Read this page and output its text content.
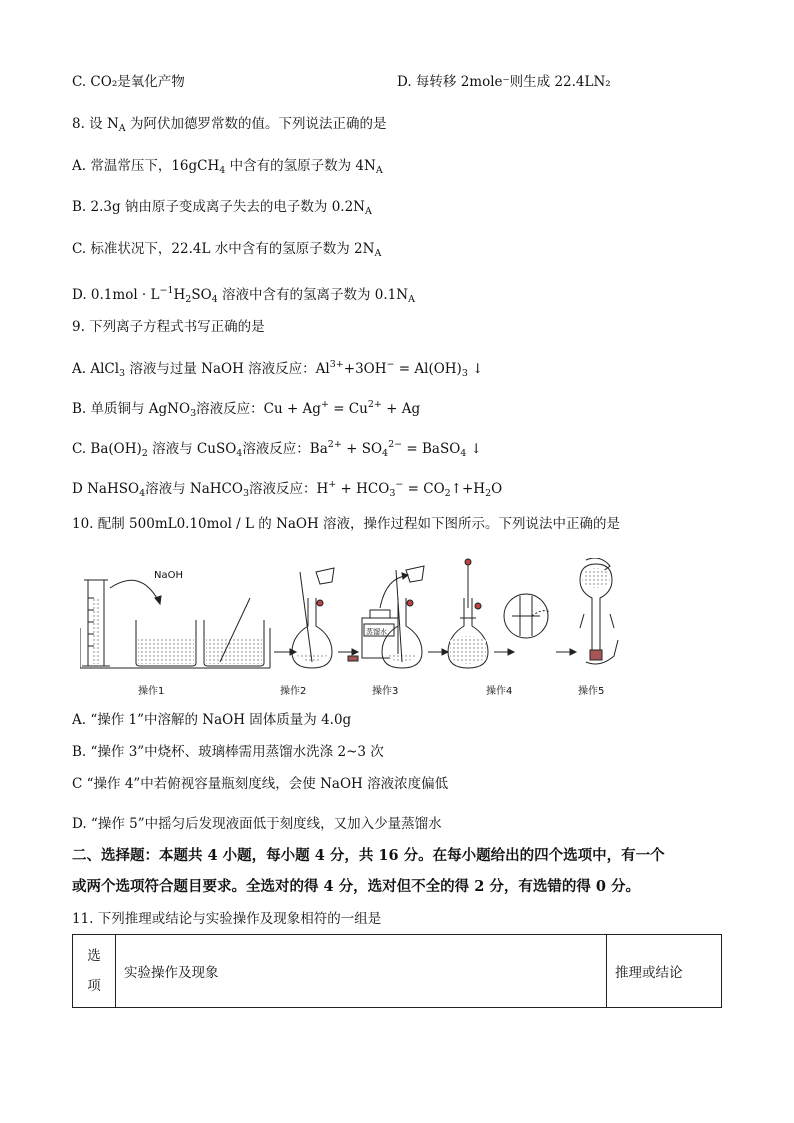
C. CO₂是氧化产物	D. 每转移 2mole⁻则生成 22.4LN₂
8. 设 $N_A$ 为阿伏加德罗常数的值。下列说法正确的是
A. 常温常压下，16gCH$_4$ 中含有的氢原子数为 $4N_A$
B. 2.3g 钠由原子变成离子失去的电子数为 $0.2N_A$
C. 标准状况下，22.4L 水中含有的氢原子数为 $2N_A$
D. $0.1mol \cdot L^{-1}H_2SO_4$ 溶液中含有的氢离子数为 $0.1N_A$
9. 下列离子方程式书写正确的是
A. AlCl$_3$ 溶液与过量 NaOH 溶液反应：$Al^{3+}+3OH^- = Al(OH)_3$ ↓
B. 单质铜与 AgNO$_3$溶液反应：$Cu + Ag^+ = Cu^{2+} + Ag$
C. $Ba(OH)_2$ 溶液与 CuSO$_4$溶液反应：$Ba^{2+} + SO_4^{2-}$ = BaSO$_4$ ↓
D NaHSO$_4$溶液与 NaHCO$_3$溶液反应：$H^+ + HCO_3^-$ = $CO_2↑+H_2O$
10. 配制 500mL0.10mol / L 的 NaOH 溶液，操作过程如下图所示。下列说法中正确的是
NaOH
蒸馏水
操作1	操作2	操作3	操作4	操作5
A. “操作 1”中溶解的 NaOH 固体质量为 4.0g
B. “操作 3”中烧杯、玻璃棒需用蒸馏水洗涤 2~3 次
C “操作 4”中若俯视容量瓶刻度线，会使 NaOH 溶液浓度偏低
D. “操作 5”中摇匀后发现液面低于刻度线，又加入少量蒸馏水
二、选择题：本题共 4 小题，每小题 4 分，共 16 分。在每小题给出的四个选项中，有一个
或两个选项符合题目要求。全选对的得 4 分，选对但不全的得 2 分，有选错的得 0 分。
11. 下列推理或结论与实验操作及现象相符的一组是
选
项	实验操作及现象	推理或结论
